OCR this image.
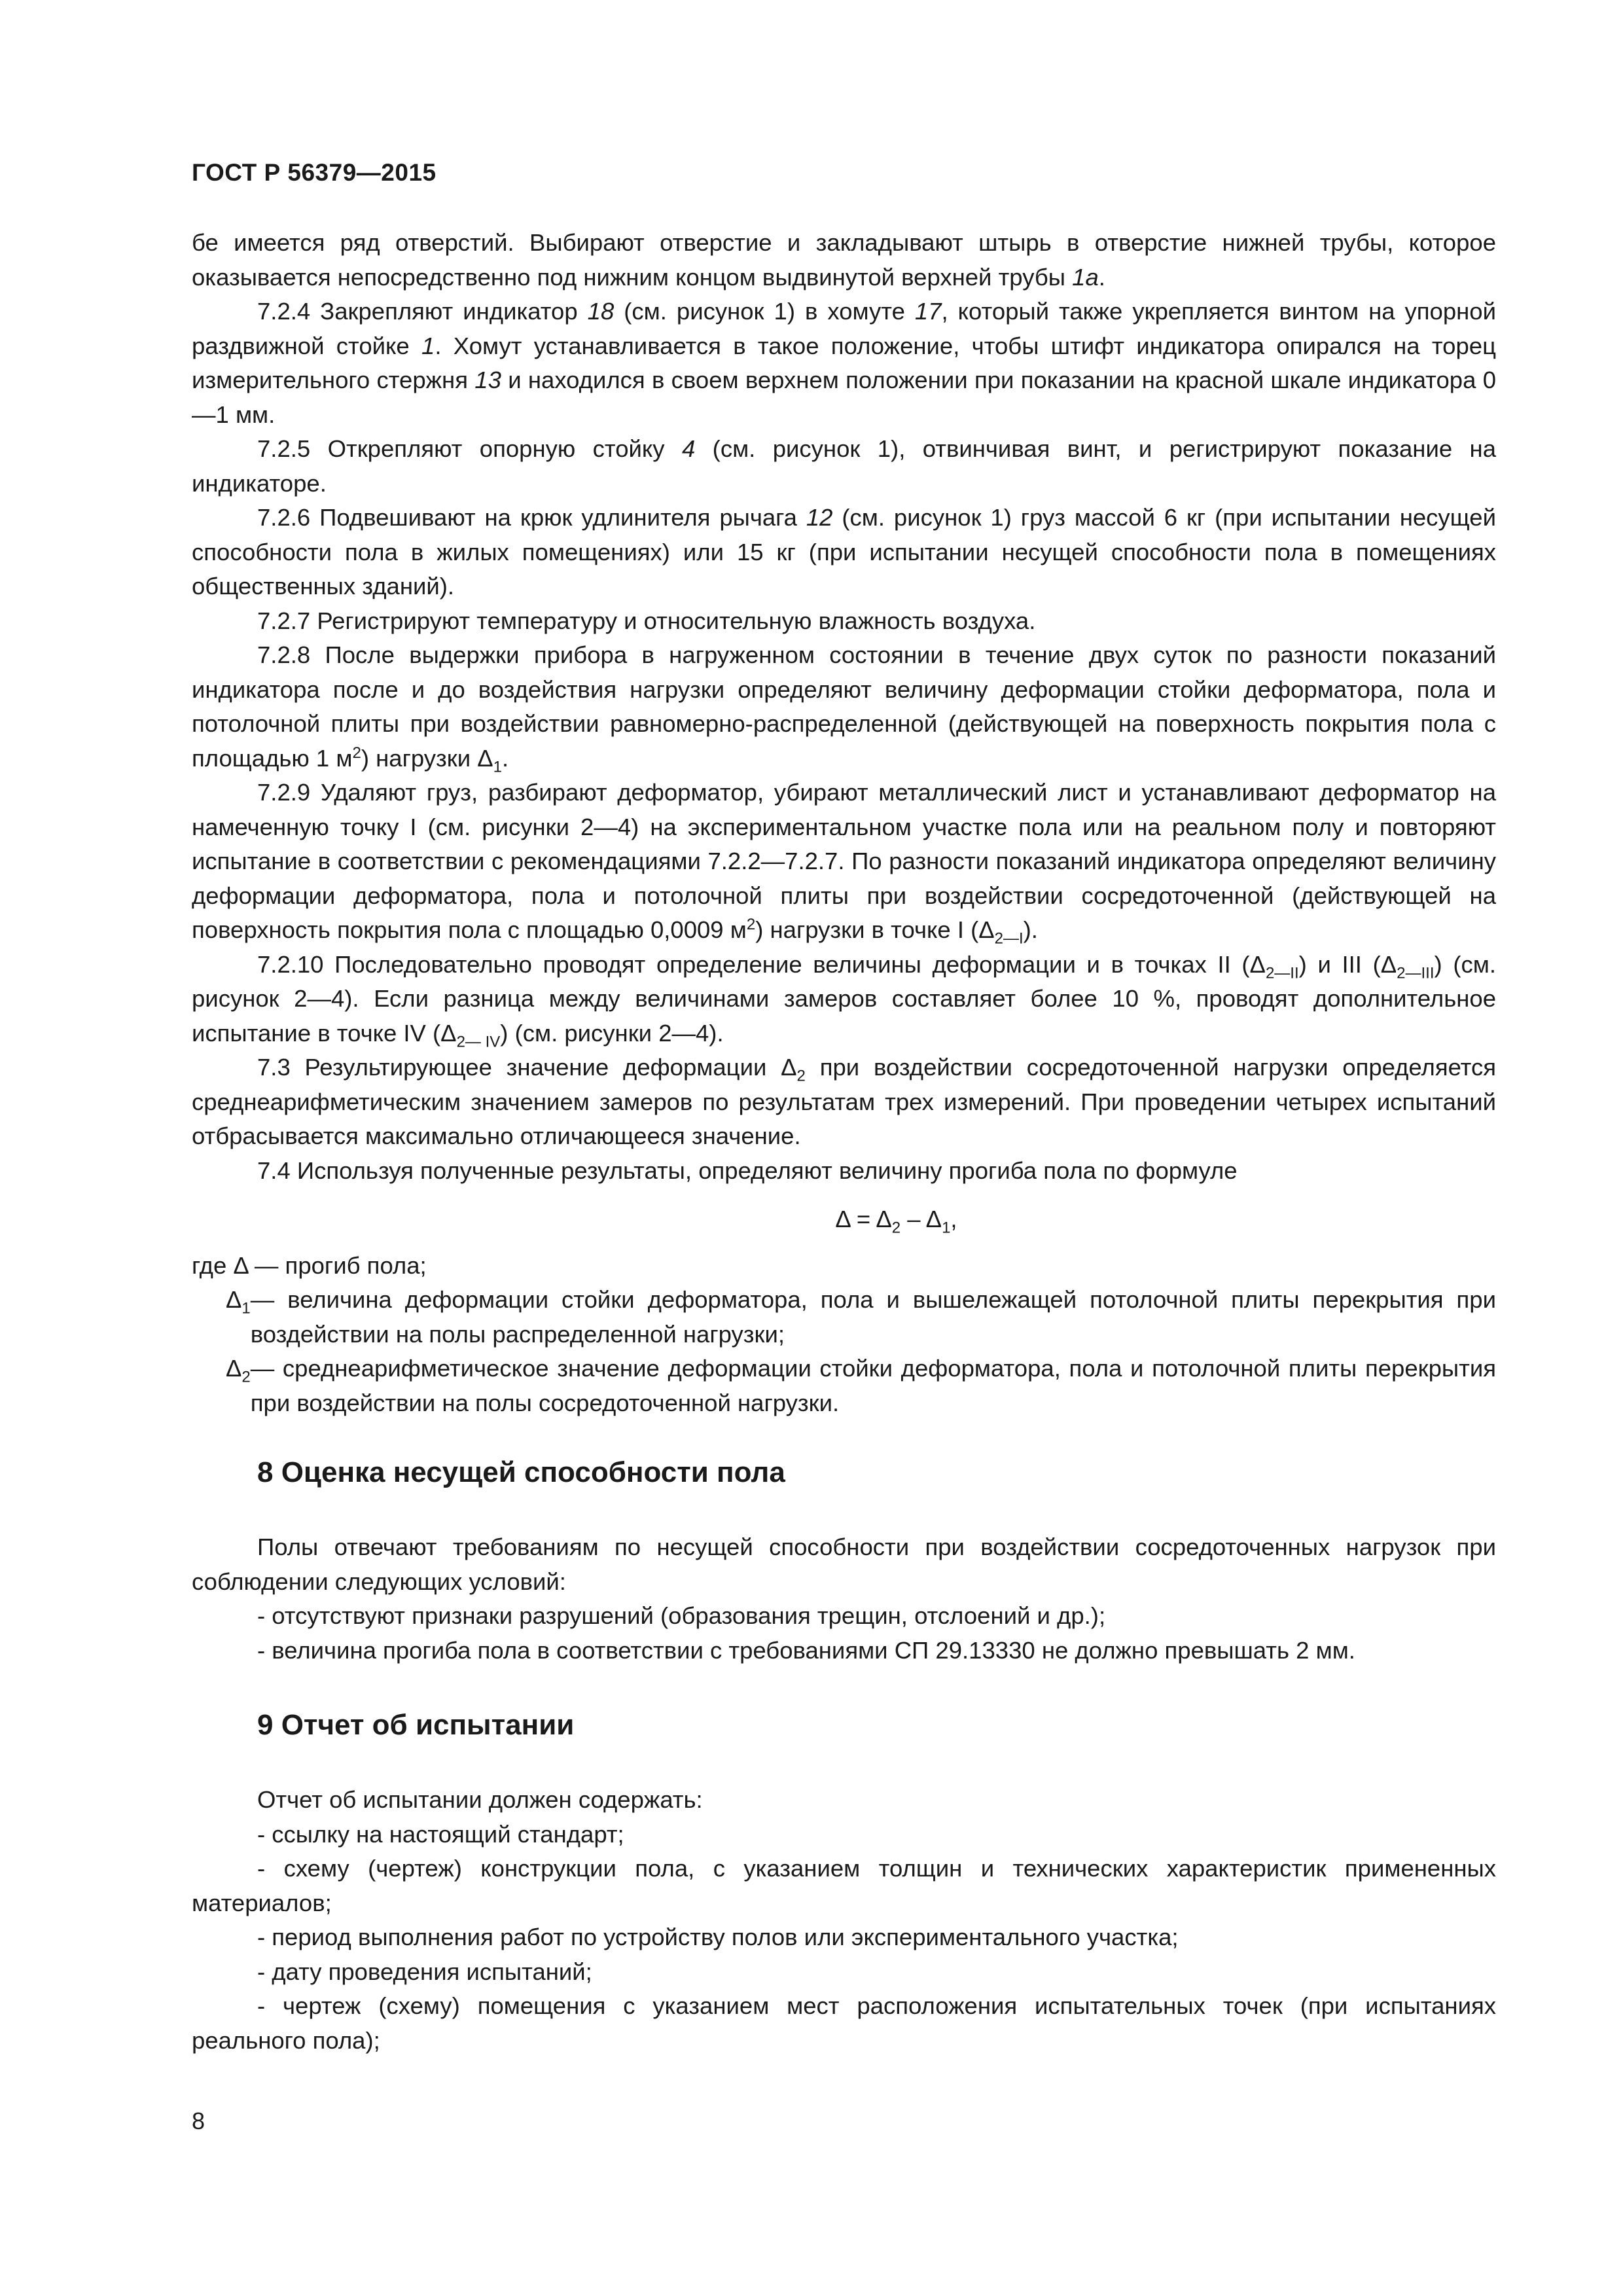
ГОСТ Р 56379—2015

бе имеется ряд отверстий. Выбирают отверстие и закладывают штырь в отверстие нижней трубы, которое оказывается непосредственно под нижним концом выдвинутой верхней трубы 1а.

7.2.4 Закрепляют индикатор 18 (см. рисунок 1) в хомуте 17, который также укрепляется винтом на упорной раздвижной стойке 1. Хомут устанавливается в такое положение, чтобы штифт индикатора опирался на торец измерительного стержня 13 и находился в своем верхнем положении при показании на красной шкале индикатора 0—1 мм.

7.2.5 Открепляют опорную стойку 4 (см. рисунок 1), отвинчивая винт, и регистрируют показание на индикаторе.

7.2.6 Подвешивают на крюк удлинителя рычага 12 (см. рисунок 1) груз массой 6 кг (при испытании несущей способности пола в жилых помещениях) или 15 кг (при испытании несущей способности пола в помещениях общественных зданий).

7.2.7 Регистрируют температуру и относительную влажность воздуха.

7.2.8 После выдержки прибора в нагруженном состоянии в течение двух суток по разности показаний индикатора после и до воздействия нагрузки определяют величину деформации стойки деформатора, пола и потолочной плиты при воздействии равномерно-распределенной (действующей на поверхность покрытия пола с площадью 1 $м^2$) нагрузки $\Delta_1$.

7.2.9 Удаляют груз, разбирают деформатор, убирают металлический лист и устанавливают деформатор на намеченную точку I (см. рисунки 2—4) на экспериментальном участке пола или на реальном полу и повторяют испытание в соответствии с рекомендациями 7.2.2—7.2.7. По разности показаний индикатора определяют величину деформации деформатора, пола и потолочной плиты при воздействии сосредоточенной (действующей на поверхность покрытия пола с площадью 0,0009 $м^2$) нагрузки в точке I $(\Delta_{2—I})$.

7.2.10 Последовательно проводят определение величины деформации и в точках II $(\Delta_{2—II})$ и III $(\Delta_{2—III})$ (см. рисунок 2—4). Если разница между величинами замеров составляет более 10 %, проводят дополнительное испытание в точке IV $(\Delta_{2— IV})$ (см. рисунки 2—4).

7.3 Результирующее значение деформации $\Delta_2$ при воздействии сосредоточенной нагрузки определяется среднеарифметическим значением замеров по результатам трех измерений. При проведении четырех испытаний отбрасывается максимально отличающееся значение.

7.4 Используя полученные результаты, определяют величину прогиба пола по формуле

$\Delta = \Delta_2 - \Delta_1$,

где Δ — прогиб пола;

$\Delta_1$ — величина деформации стойки деформатора, пола и вышележащей потолочной плиты перекрытия при воздействии на полы распределенной нагрузки;
$\Delta_2$ — среднеарифметическое значение деформации стойки деформатора, пола и потолочной плиты перекрытия при воздействии на полы сосредоточенной нагрузки.

8 Оценка несущей способности пола

Полы отвечают требованиям по несущей способности при воздействии сосредоточенных нагрузок при соблюдении следующих условий:

- отсутствуют признаки разрушений (образования трещин, отслоений и др.);

- величина прогиба пола в соответствии с требованиями СП 29.13330 не должно превышать 2 мм.

9 Отчет об испытании

Отчет об испытании должен содержать:

- ссылку на настоящий стандарт;

- схему (чертеж) конструкции пола, с указанием толщин и технических характеристик примененных материалов;

- период выполнения работ по устройству полов или экспериментального участка;

- дату проведения испытаний;

- чертеж (схему) помещения с указанием мест расположения испытательных точек (при испытаниях реального пола);

8
